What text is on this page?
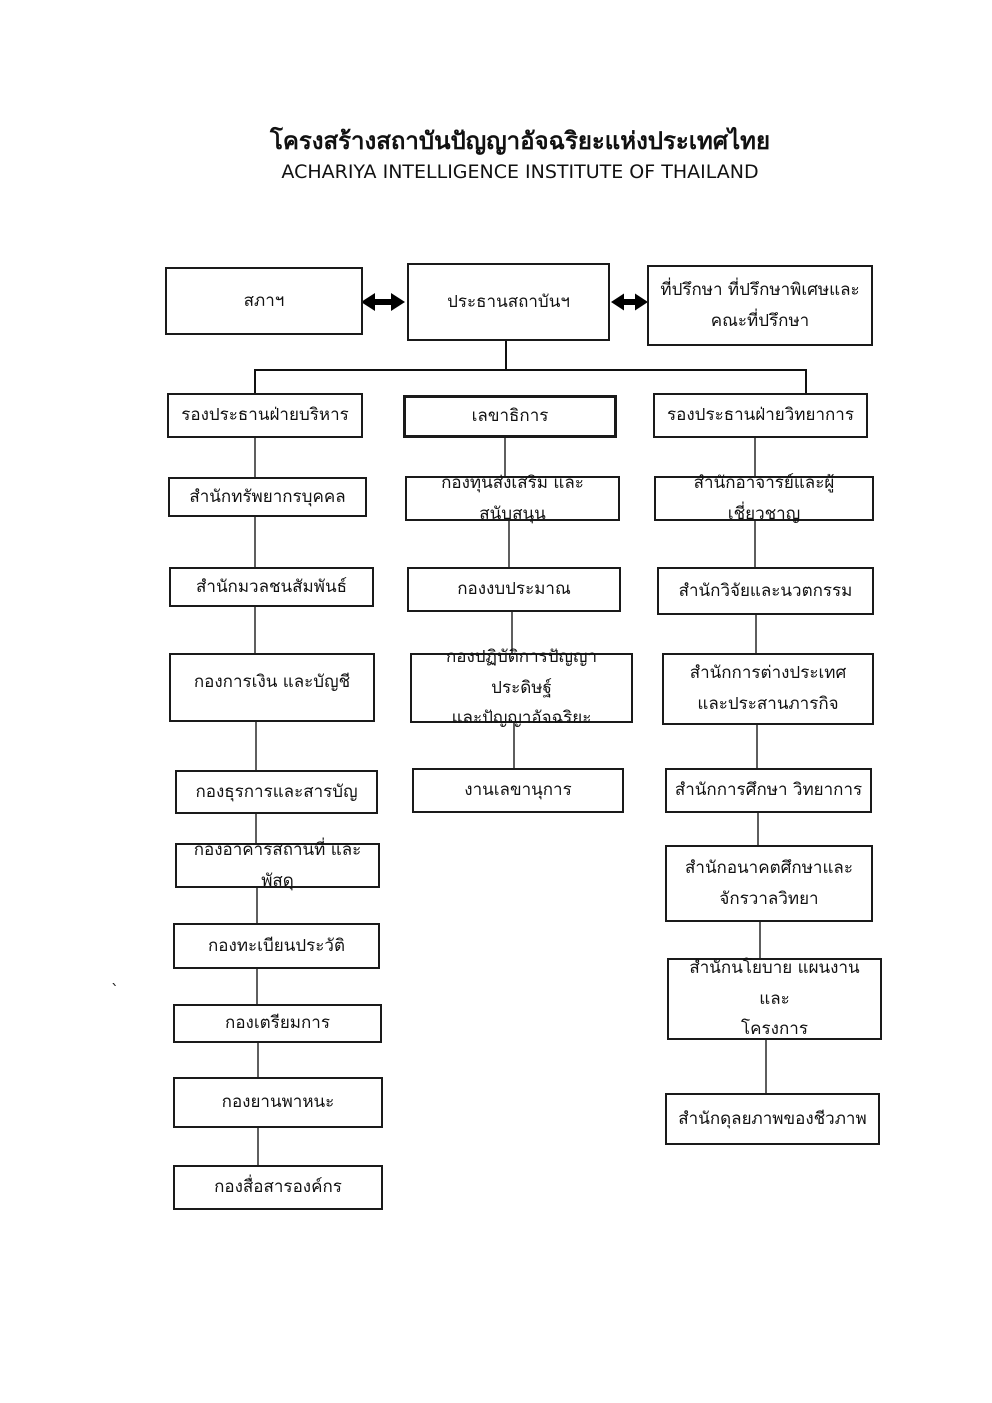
โครงสร้างสถาบันปัญญาอัจฉริยะแห่งประเทศไทย
ACHARIYA INTELLIGENCE INSTITUTE OF THAILAND
สภาฯ	ประธานสถาบันฯ
ที่ปรึกษา ที่ปรึกษาพิเศษและ
คณะที่ปรึกษา
รองประธานฝ่ายบริหาร	เลขาธิการ	รองประธานฝ่ายวิทยาการ
สำนักทรัพยากรบุคคล
สำนักมวลชนสัมพันธ์
กองการเงิน และบัญชี
กองธุรการและสารบัญ
กองอาคารสถานที่ และพัสดุ
กองทะเบียนประวัติ
กองเตรียมการ
กองยานพาหนะ
กองสื่อสารองค์กร
กองทุนส่งเสริม และสนับสนุน
กองงบประมาณ
กองปฏิบัติการปัญญาประดิษฐ์
และปัญญาอัจฉริยะ
งานเลขานุการ
สำนักอาจารย์และผู้เชี่ยวชาญ
สำนักวิจัยและนวตกรรม
สำนักการต่างประเทศ
และประสานภารกิจ
สำนักการศึกษา วิทยาการ
สำนักอนาคตศึกษาและ
จักรวาลวิทยา
สำนักนโยบาย แผนงานและ
โครงการ
สำนักดุลยภาพของชีวภาพ
`
